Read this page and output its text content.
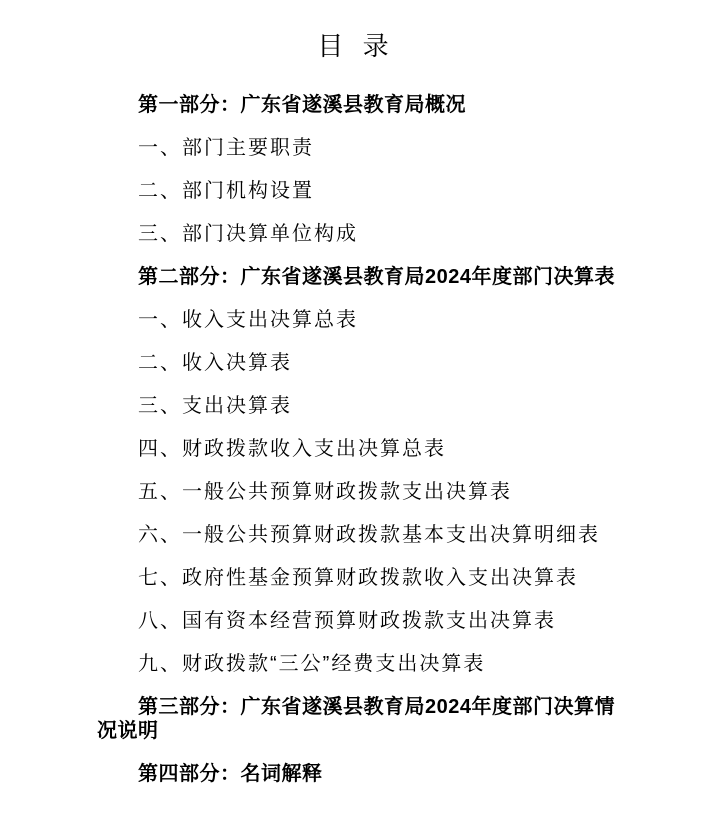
目 录

第一部分：广东省遂溪县教育局概况

一、部门主要职责

二、部门机构设置

三、部门决算单位构成

第二部分：广东省遂溪县教育局2024年度部门决算表

一、收入支出决算总表

二、收入决算表

三、支出决算表

四、财政拨款收入支出决算总表

五、一般公共预算财政拨款支出决算表

六、一般公共预算财政拨款基本支出决算明细表

七、政府性基金预算财政拨款收入支出决算表

八、国有资本经营预算财政拨款支出决算表

九、财政拨款“三公”经费支出决算表

第三部分：广东省遂溪县教育局2024年度部门决算情况说明

第四部分：名词解释
